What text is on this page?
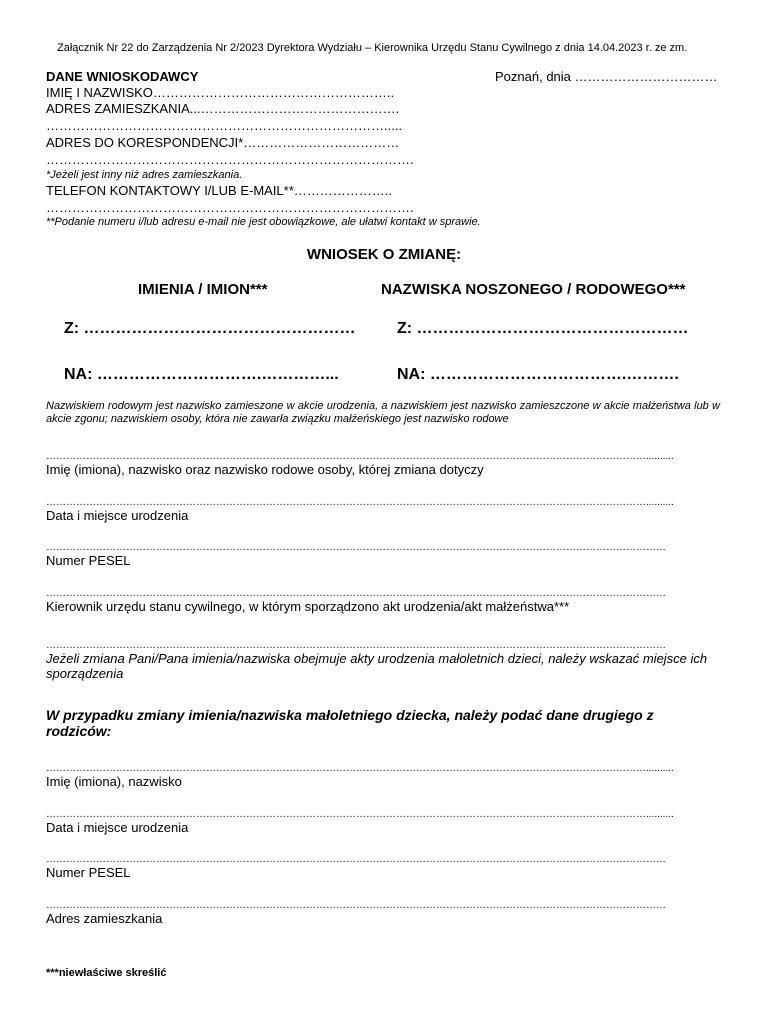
Załącznik Nr 22 do Zarządzenia Nr 2/2023 Dyrektora Wydziału – Kierownika Urzędu Stanu Cywilnego z dnia 14.04.2023 r. ze zm.
DANE WNIOSKODAWCY	Poznań, dnia ……………………………
IMIĘ I NAZWISKO………………………………………………..
ADRES ZAMIESZKANIA...……………………………………….
…………………………………………………………………….....
ADRES DO KORESPONDENCJI*………………………………
………………………………………………………………………….
*Jeżeli jest inny niż adres zamieszkania.
TELEFON KONTAKTOWY I/LUB E-MAIL**…………………..
………………………………………………………………………….
**Podanie numeru i/lub adresu e-mail nie jest obowiązkowe, ale ułatwi kontakt w sprawie.
WNIOSEK O ZMIANĘ:
IMIENIA / IMION***	NAZWISKA NOSZONEGO / RODOWEGO***
Z: ……………………………………………	Z: ……………………………………………
NA: ………………………….…………...	NA: ……………………………….……….
Nazwiskiem rodowym jest nazwisko zamieszone w akcie urodzenia, a nazwiskiem jest nazwisko zamieszczone w akcie małżeństwa lub w akcie zgonu; nazwiskiem osoby, która nie zawarła związku małżeńskiego jest nazwisko rodowe
………………………………………………………………………………………………………………………………………………………………..........
Imię (imiona), nazwisko oraz nazwisko rodowe osoby, której zmiana dotyczy
………………………………………………………………………………………………………………………………………………………………..........
Data i miejsce urodzenia
……………………………………………………………………………………………………………………………………………………………………
Numer PESEL
……………………………………………………………………………………………………………………………………………………………………
Kierownik urzędu stanu cywilnego, w którym sporządzono akt urodzenia/akt małżeństwa***
……………………………………………………………………………………………………………………………………………………………………
Jeżeli zmiana Pani/Pana imienia/nazwiska obejmuje akty urodzenia małoletnich dzieci, należy wskazać miejsce ich sporządzenia
W przypadku zmiany imienia/nazwiska małoletniego dziecka, należy podać dane drugiego z rodziców:
………………………………………………………………………………………………………………………………………………………………..........
Imię (imiona), nazwisko
………………………………………………………………………………………………………………………………………………………………..........
Data i miejsce urodzenia
……………………………………………………………………………………………………………………………………………………………………
Numer PESEL
……………………………………………………………………………………………………………………………………………………………………
Adres zamieszkania
***niewłaściwe skreślić
